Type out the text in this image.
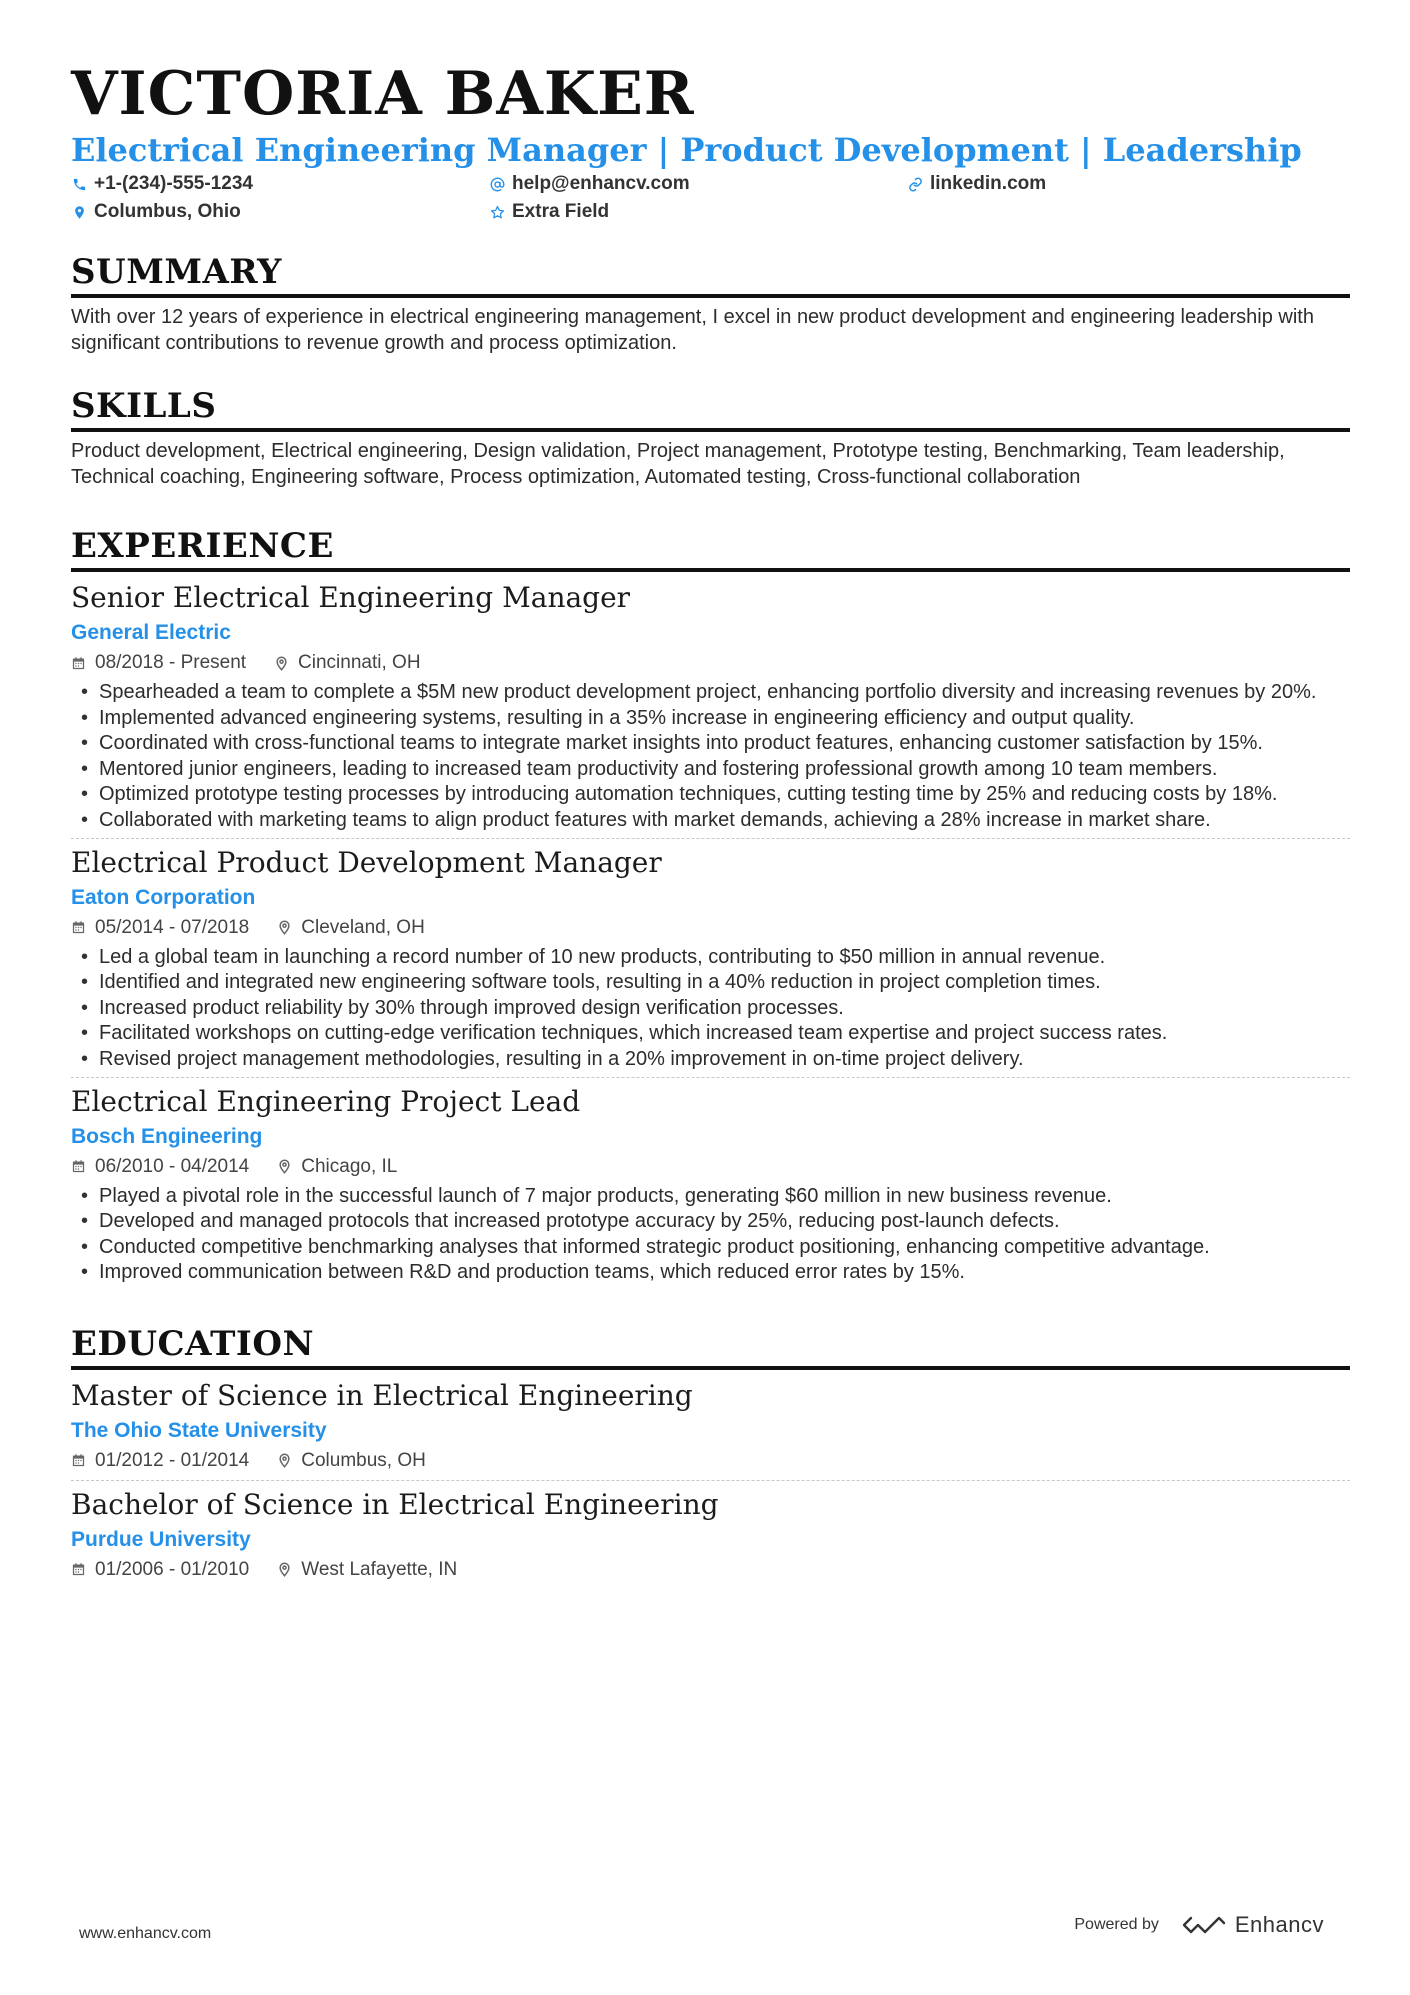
VICTORIA BAKER

Electrical Engineering Manager | Product Development | Leadership

+1-(234)-555-1234	help@enhancv.com	linkedin.com
Columbus, Ohio	Extra Field
SUMMARY

With over 12 years of experience in electrical engineering management, I excel in new product development and engineering leadership with significant contributions to revenue growth and process optimization.

SKILLS

Product development, Electrical engineering, Design validation, Project management, Prototype testing, Benchmarking, Team leadership, Technical coaching, Engineering software, Process optimization, Automated testing, Cross-functional collaboration

EXPERIENCE

Senior Electrical Engineering Manager

General Electric

08/2018 - Present	Cincinnati, OH
• Spearheaded a team to complete a $5M new product development project, enhancing portfolio diversity and increasing revenues by 20%.
• Implemented advanced engineering systems, resulting in a 35% increase in engineering efficiency and output quality.
• Coordinated with cross-functional teams to integrate market insights into product features, enhancing customer satisfaction by 15%.
• Mentored junior engineers, leading to increased team productivity and fostering professional growth among 10 team members.
• Optimized prototype testing processes by introducing automation techniques, cutting testing time by 25% and reducing costs by 18%.
• Collaborated with marketing teams to align product features with market demands, achieving a 28% increase in market share.

Electrical Product Development Manager

Eaton Corporation

05/2014 - 07/2018	Cleveland, OH
• Led a global team in launching a record number of 10 new products, contributing to $50 million in annual revenue.
• Identified and integrated new engineering software tools, resulting in a 40% reduction in project completion times.
• Increased product reliability by 30% through improved design verification processes.
• Facilitated workshops on cutting-edge verification techniques, which increased team expertise and project success rates.
• Revised project management methodologies, resulting in a 20% improvement in on-time project delivery.

Electrical Engineering Project Lead

Bosch Engineering

06/2010 - 04/2014	Chicago, IL
• Played a pivotal role in the successful launch of 7 major products, generating $60 million in new business revenue.
• Developed and managed protocols that increased prototype accuracy by 25%, reducing post-launch defects.
• Conducted competitive benchmarking analyses that informed strategic product positioning, enhancing competitive advantage.
• Improved communication between R&D and production teams, which reduced error rates by 15%.
EDUCATION

Master of Science in Electrical Engineering

The Ohio State University

01/2012 - 01/2014	Columbus, OH

Bachelor of Science in Electrical Engineering

Purdue University

01/2006 - 01/2010	West Lafayette, IN
www.enhancv.com
Powered by	Enhancv
